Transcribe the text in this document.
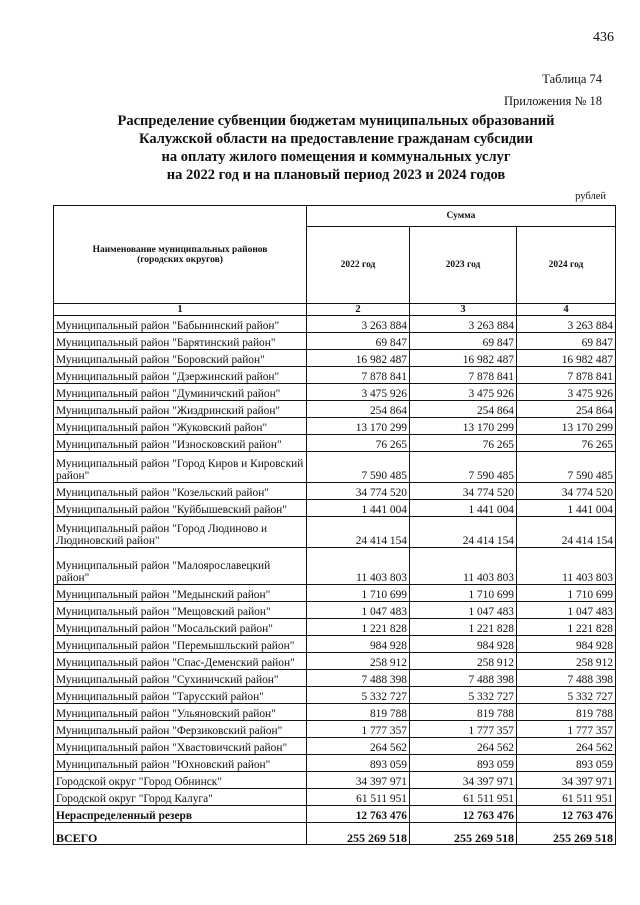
436
Таблица 74
Приложения № 18
Распределение субвенции бюджетам муниципальных образований
Калужской области на предоставление гражданам субсидии
на оплату жилого помещения и коммунальных услуг
на 2022 год и на плановый период 2023 и 2024 годов
рублей
Наименование муниципальных районов
(городских округов)	Сумма		
	2022 год	2023 год	2024 год
1	2	3	4
Муниципальный район "Бабынинский район"	3 263 884	3 263 884	3 263 884
Муниципальный район "Барятинский район"	69 847	69 847	69 847
Муниципальный район "Боровский район"	16 982 487	16 982 487	16 982 487
Муниципальный район "Дзержинский район"	7 878 841	7 878 841	7 878 841
Муниципальный район "Думиничский район"	3 475 926	3 475 926	3 475 926
Муниципальный район "Жиздринский район"	254 864	254 864	254 864
Муниципальный район "Жуковский район"	13 170 299	13 170 299	13 170 299
Муниципальный район "Износковский район"	76 265	76 265	76 265
Муниципальный район "Город Киров и Кировский район"	7 590 485	7 590 485	7 590 485
Муниципальный район "Козельский район"	34 774 520	34 774 520	34 774 520
Муниципальный район "Куйбышевский район"	1 441 004	1 441 004	1 441 004
Муниципальный район "Город Людиново и Людиновский район"	24 414 154	24 414 154	24 414 154
Муниципальный район "Малоярославецкий район"	11 403 803	11 403 803	11 403 803
Муниципальный район "Медынский район"	1 710 699	1 710 699	1 710 699
Муниципальный район "Мещовский район"	1 047 483	1 047 483	1 047 483
Муниципальный район "Мосальский район"	1 221 828	1 221 828	1 221 828
Муниципальный район "Перемышльский район"	984 928	984 928	984 928
Муниципальный район "Спас-Деменский район"	258 912	258 912	258 912
Муниципальный район "Сухиничский район"	7 488 398	7 488 398	7 488 398
Муниципальный район "Тарусский район"	5 332 727	5 332 727	5 332 727
Муниципальный район "Ульяновский район"	819 788	819 788	819 788
Муниципальный район "Ферзиковский район"	1 777 357	1 777 357	1 777 357
Муниципальный район "Хвастовичский район"	264 562	264 562	264 562
Муниципальный район "Юхновский район"	893 059	893 059	893 059
Городской округ "Город Обнинск"	34 397 971	34 397 971	34 397 971
Городской округ "Город Калуга"	61 511 951	61 511 951	61 511 951
Нераспределенный резерв	12 763 476	12 763 476	12 763 476
ВСЕГО	255 269 518	255 269 518	255 269 518
